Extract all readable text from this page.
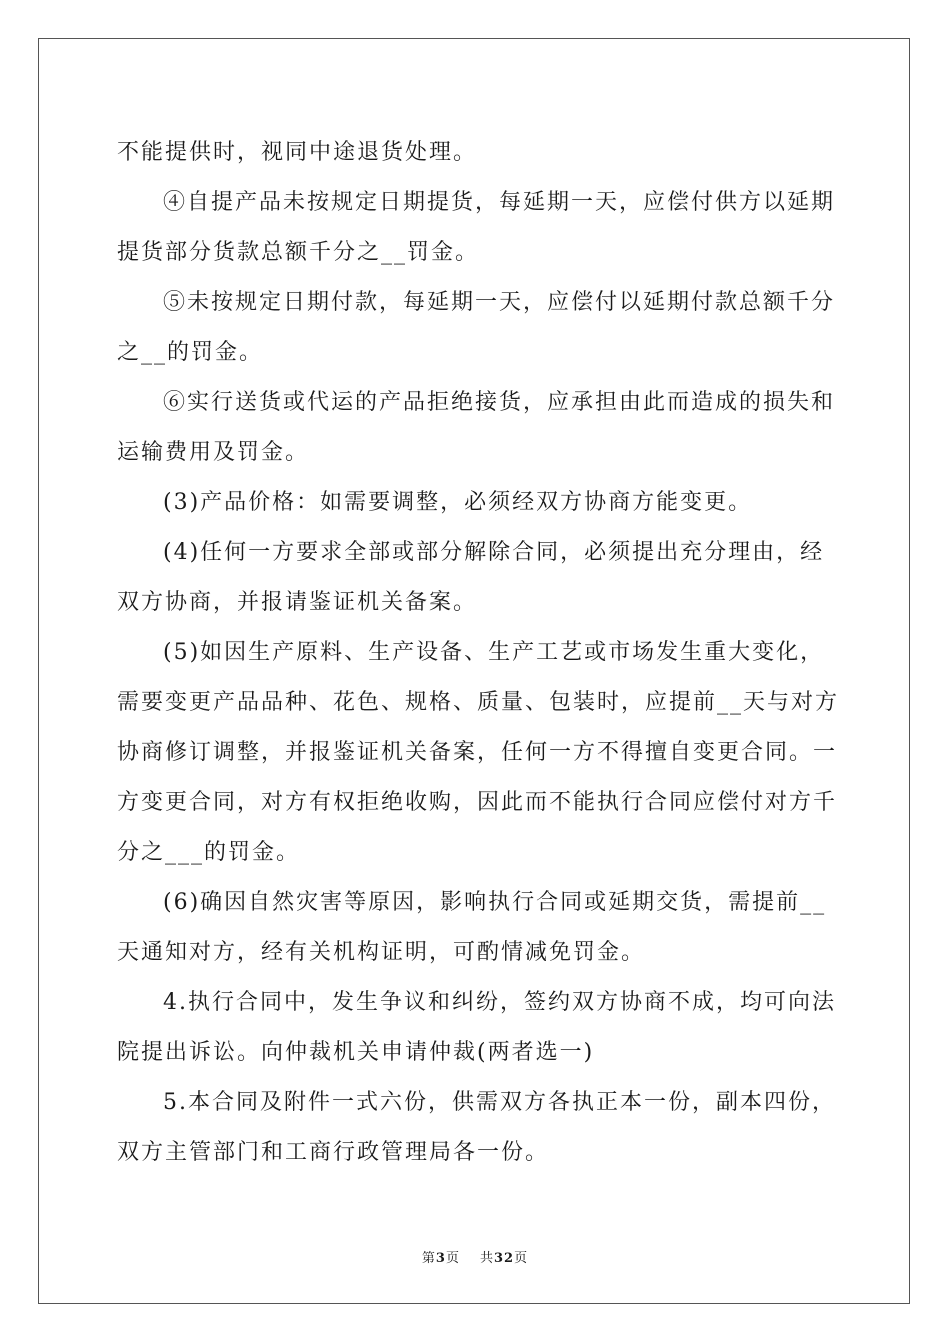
不能提供时，视同中途退货处理。

④自提产品未按规定日期提货，每延期一天，应偿付供方以延期

提货部分货款总额千分之__罚金。

⑤未按规定日期付款，每延期一天，应偿付以延期付款总额千分

之__的罚金。

⑥实行送货或代运的产品拒绝接货，应承担由此而造成的损失和

运输费用及罚金。

(3)产品价格：如需要调整，必须经双方协商方能变更。

(4)任何一方要求全部或部分解除合同，必须提出充分理由，经

双方协商，并报请鉴证机关备案。

(5)如因生产原料、生产设备、生产工艺或市场发生重大变化，

需要变更产品品种、花色、规格、质量、包装时，应提前__天与对方

协商修订调整，并报鉴证机关备案，任何一方不得擅自变更合同。一

方变更合同，对方有权拒绝收购，因此而不能执行合同应偿付对方千

分之___的罚金。

(6)确因自然灾害等原因，影响执行合同或延期交货，需提前__

天通知对方，经有关机构证明，可酌情减免罚金。

4.执行合同中，发生争议和纠纷，签约双方协商不成，均可向法

院提出诉讼。向仲裁机关申请仲裁(两者选一)

5.本合同及附件一式六份，供需双方各执正本一份，副本四份，

双方主管部门和工商行政管理局各一份。

第3页 共32页
